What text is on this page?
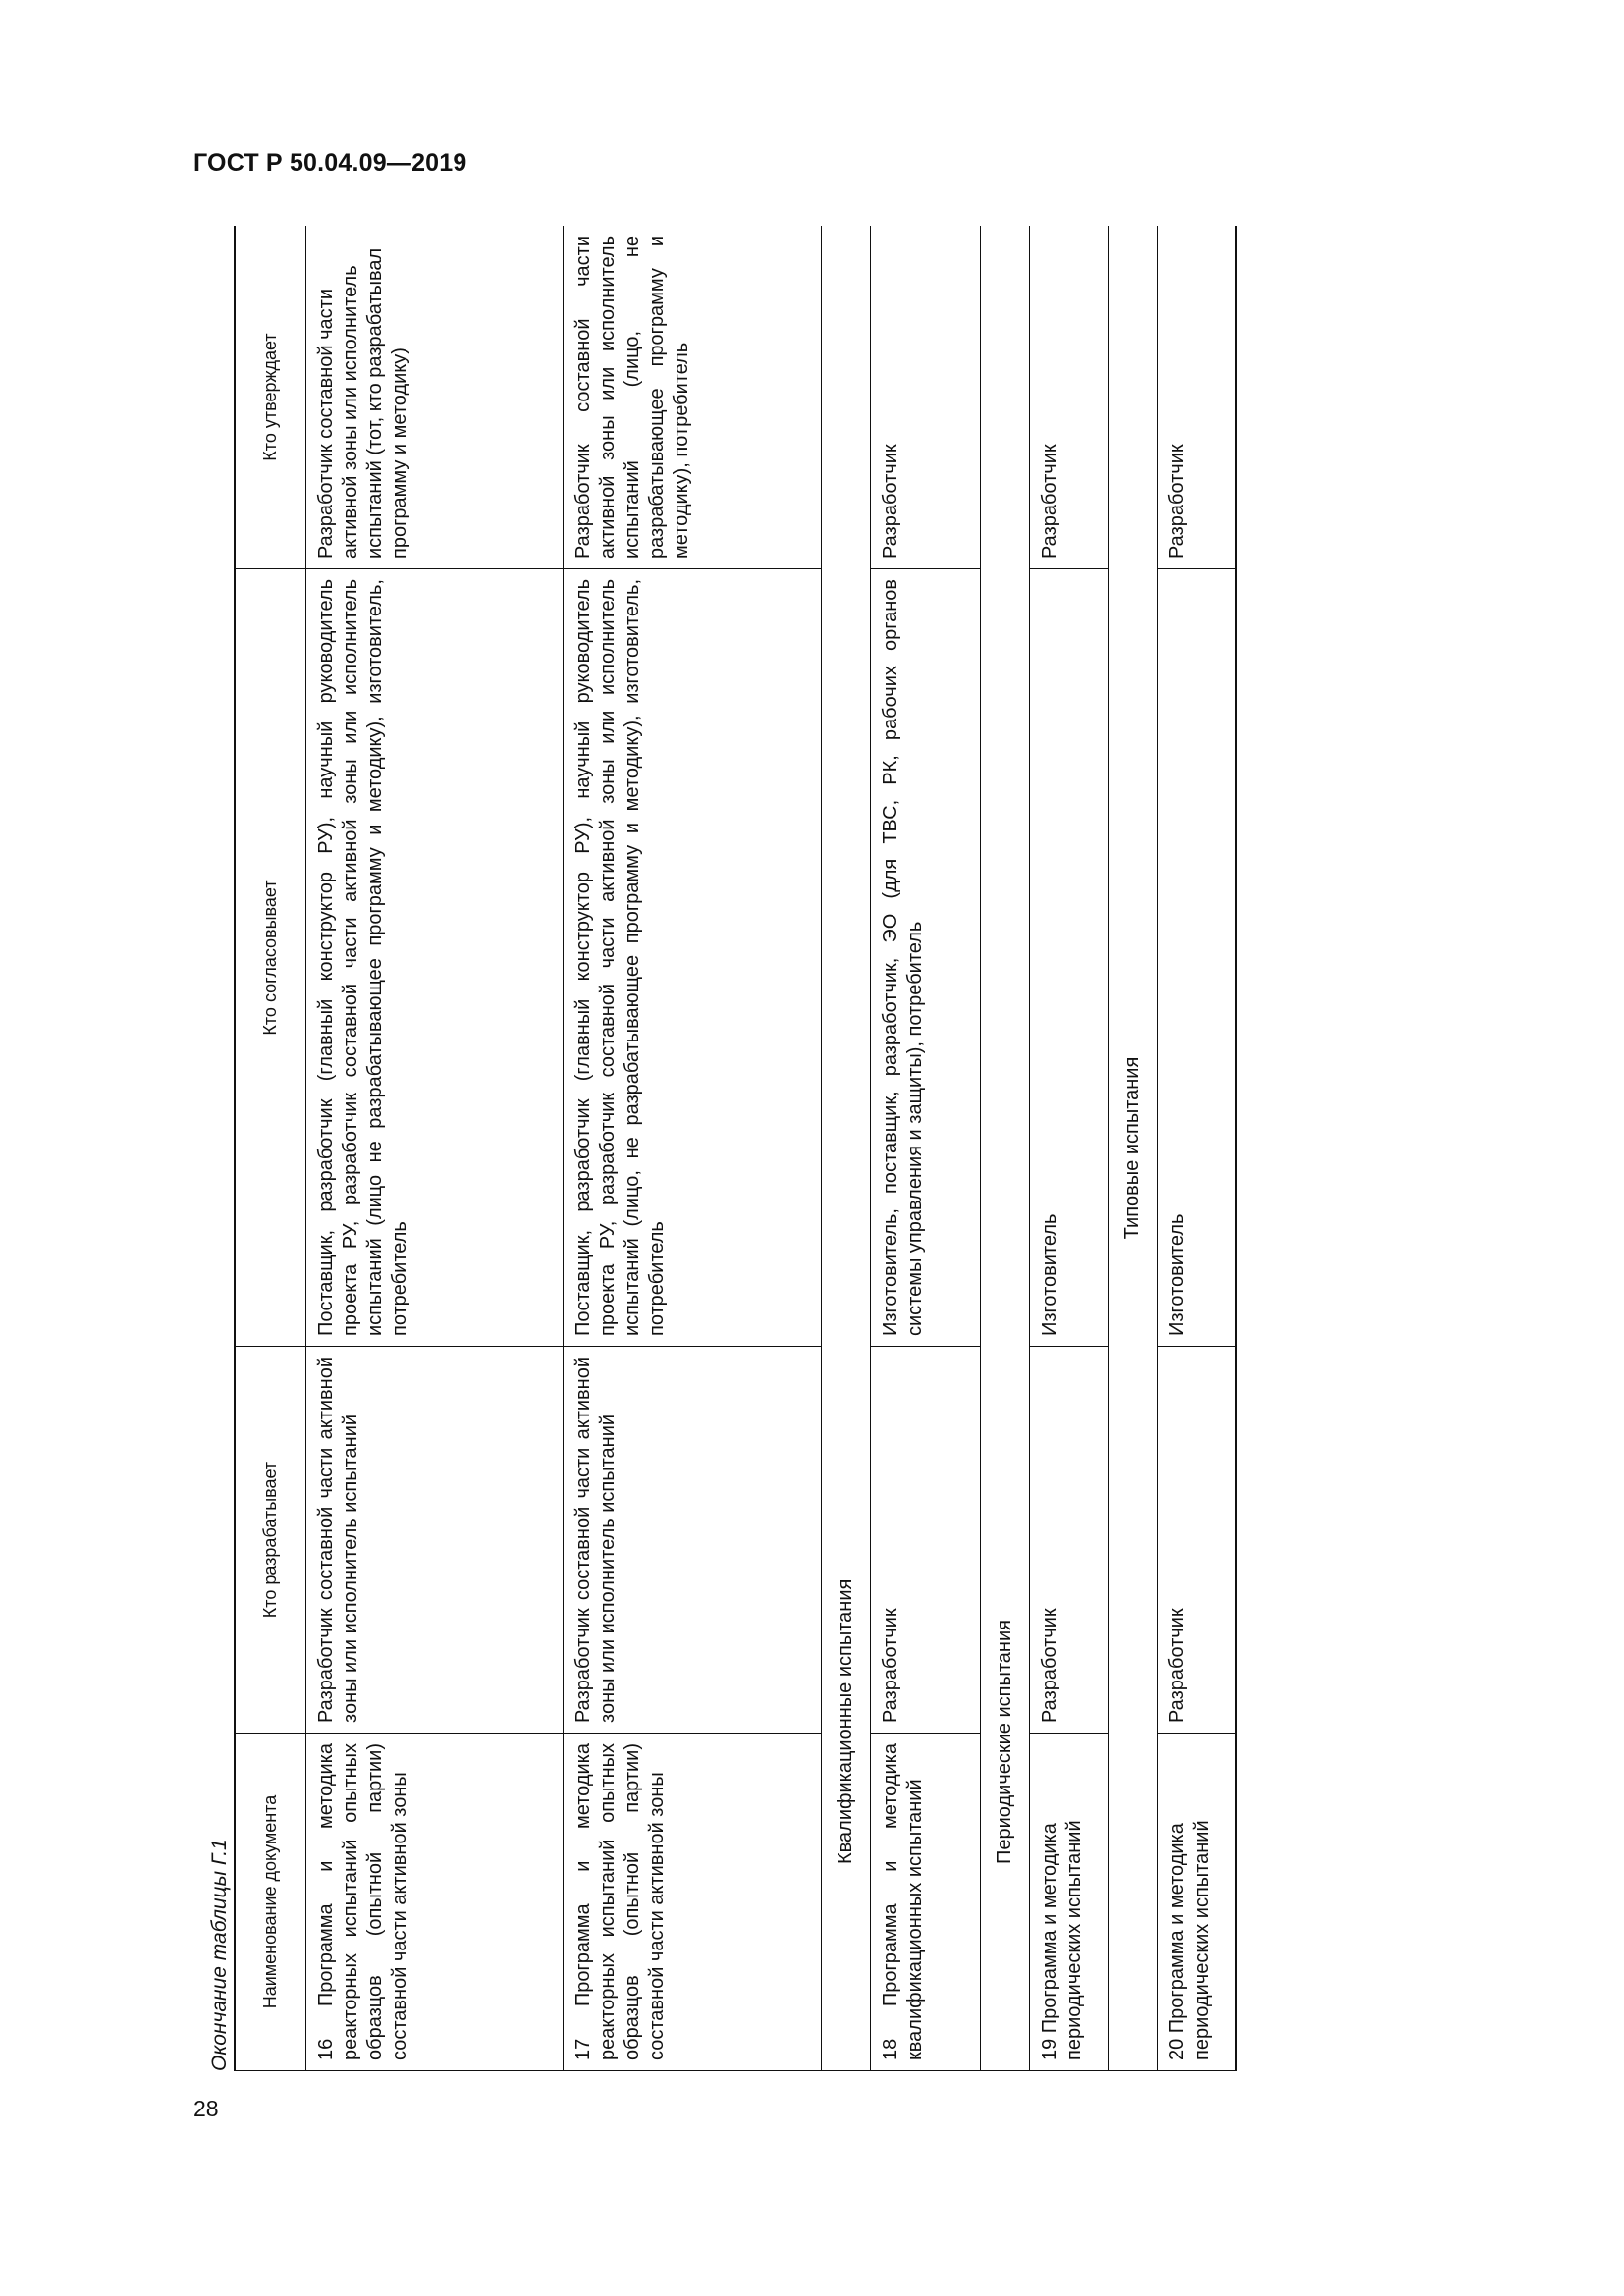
ГОСТ Р 50.04.09—2019
28
Окончание таблицы Г.1 Наименование документа	Кто разрабатывает	Кто согласовывает	Кто утверждает
16 Программа и методика реакторных испытаний опытных образцов (опытной партии) составной части активной зоны	Разработчик составной части активной зоны или исполнитель испытаний	Поставщик, разработчик (главный конструктор РУ), научный руководитель проекта РУ, разработчик составной части активной зоны или исполнитель испытаний (лицо не разрабатывающее программу и методику), изготовитель, потребитель	Разработчик составной части активной зоны или исполнитель испытаний (тот, кто разрабатывал программу и методику)
17 Программа и методика реакторных испытаний опытных образцов (опытной партии) составной части активной зоны	Разработчик составной части активной зоны или исполнитель испытаний	Поставщик, разработчик (главный конструктор РУ), научный руководитель проекта РУ, разработчик составной части активной зоны или исполнитель испытаний (лицо, не разрабатывающее программу и методику), изготовитель, потребитель	Разработчик составной части активной зоны или исполнитель испытаний (лицо, не разрабатывающее программу и методику), потребитель
Квалификационные испытания			
18 Программа и методика квалификационных испытаний	Разработчик	Изготовитель, поставщик, разработчик, ЭО (для ТВС, РК, рабочих органов системы управления и защиты), потребитель	Разработчик
Периодические испытания			
19 Программа и методика периодических испытаний	Разработчик	Изготовитель	Разработчик
Типовые испытания			
20 Программа и методика периодических испытаний	Разработчик	Изготовитель	Разработчик
